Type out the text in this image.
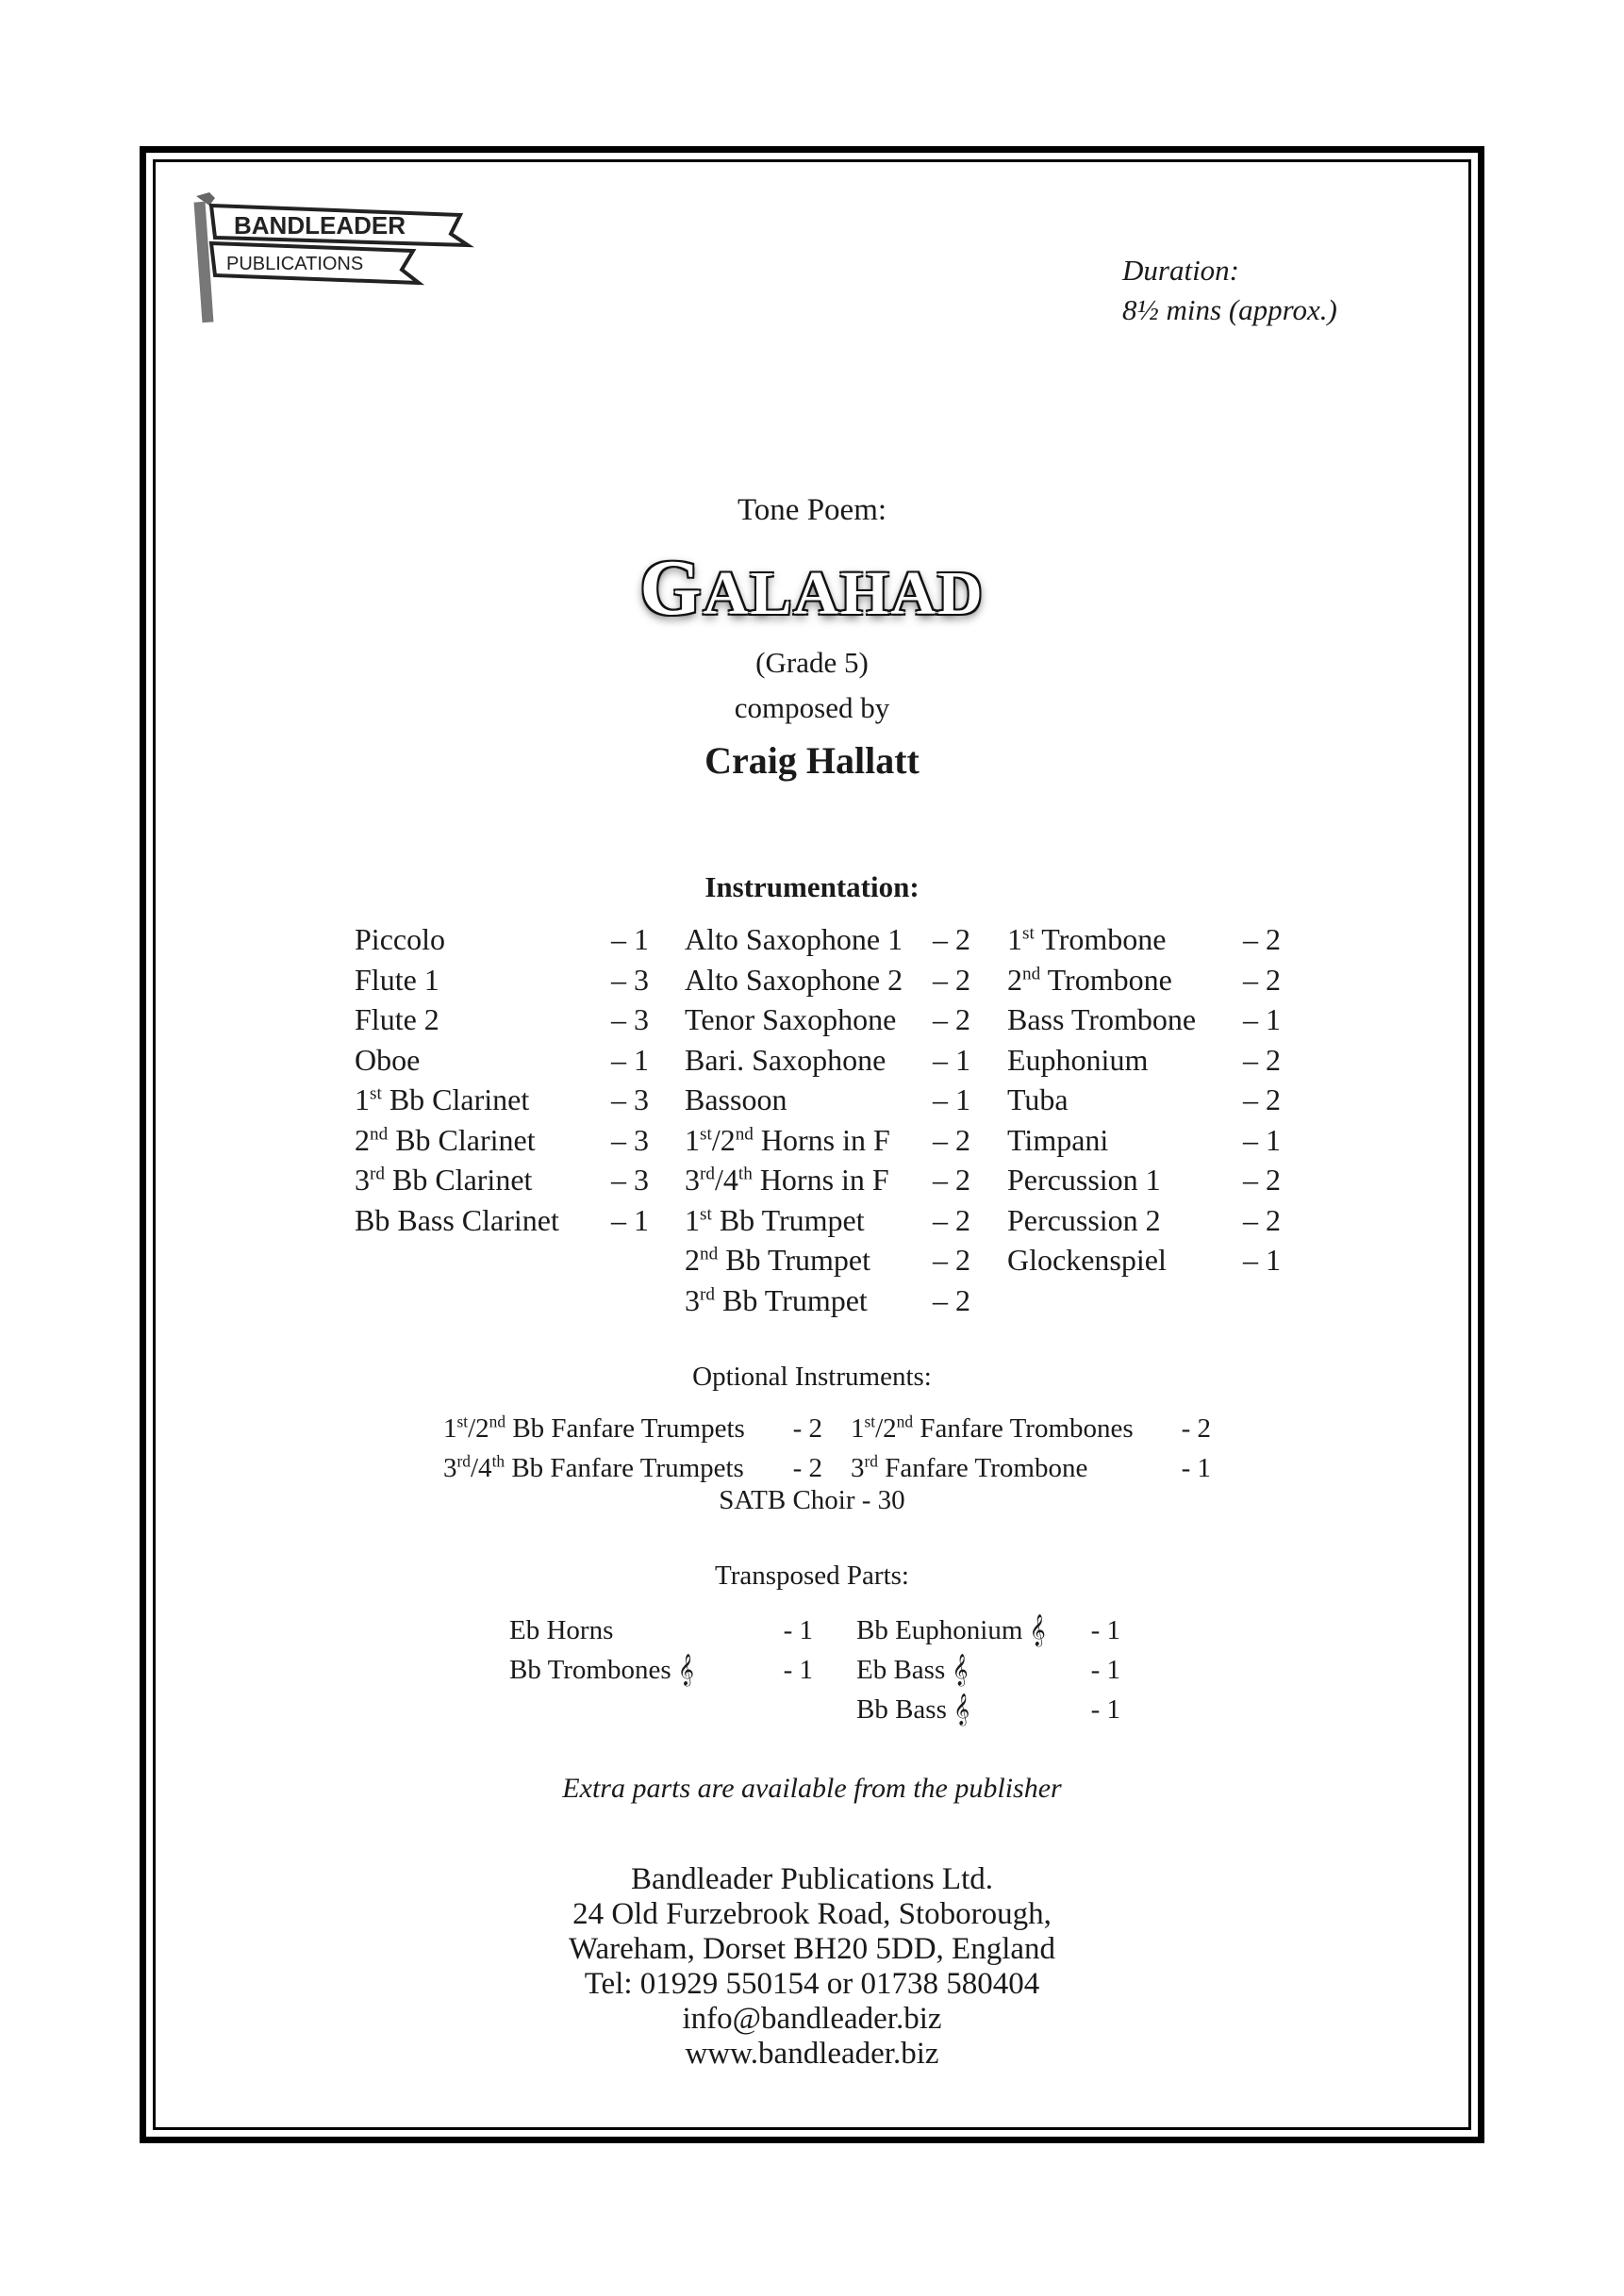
BANDLEADER
PUBLICATIONS	Duration:
8½ mins (approx.)
Tone Poem:
GALAHAD
(Grade 5)
composed by
Craig Hallatt
Instrumentation:
Piccolo	– 1
Flute 1	– 3
Flute 2	– 3
Oboe	– 1
1st Bb Clarinet	– 3
2nd Bb Clarinet	– 3
3rd Bb Clarinet	– 3
Bb Bass Clarinet – 1
Alto Saxophone 1 – 2
Alto Saxophone 2 – 2
Tenor Saxophone – 2
Bari. Saxophone – 1
Bassoon	– 1
1st/2nd Horns in F – 2
3rd/4th Horns in F – 2
1st Bb Trumpet – 2
2nd Bb Trumpet – 2
3rd Bb Trumpet – 2
1st Trombone	– 2
2nd Trombone – 2
Bass Trombone – 1
Euphonium	– 2
Tuba	– 2
Timpani	– 1
Percussion 1	– 2
Percussion 2	– 2
Glockenspiel	– 1
Optional Instruments:
1st/2nd Bb Fanfare Trumpets - 2
3rd/4th Bb Fanfare Trumpets - 2
1st/2nd Fanfare Trombones - 2
3rd Fanfare Trombone	- 1
SATB Choir - 30
Transposed Parts:
Eb Horns	- 1
Bb Trombones 𝄞	- 1
Bb Euphonium 𝄞 - 1
Eb Bass 𝄞	- 1
Bb Bass 𝄞	- 1
Extra parts are available from the publisher
Bandleader Publications Ltd.
24 Old Furzebrook Road, Stoborough,
Wareham, Dorset BH20 5DD, England
Tel: 01929 550154 or 01738 580404
info@bandleader.biz
www.bandleader.biz
